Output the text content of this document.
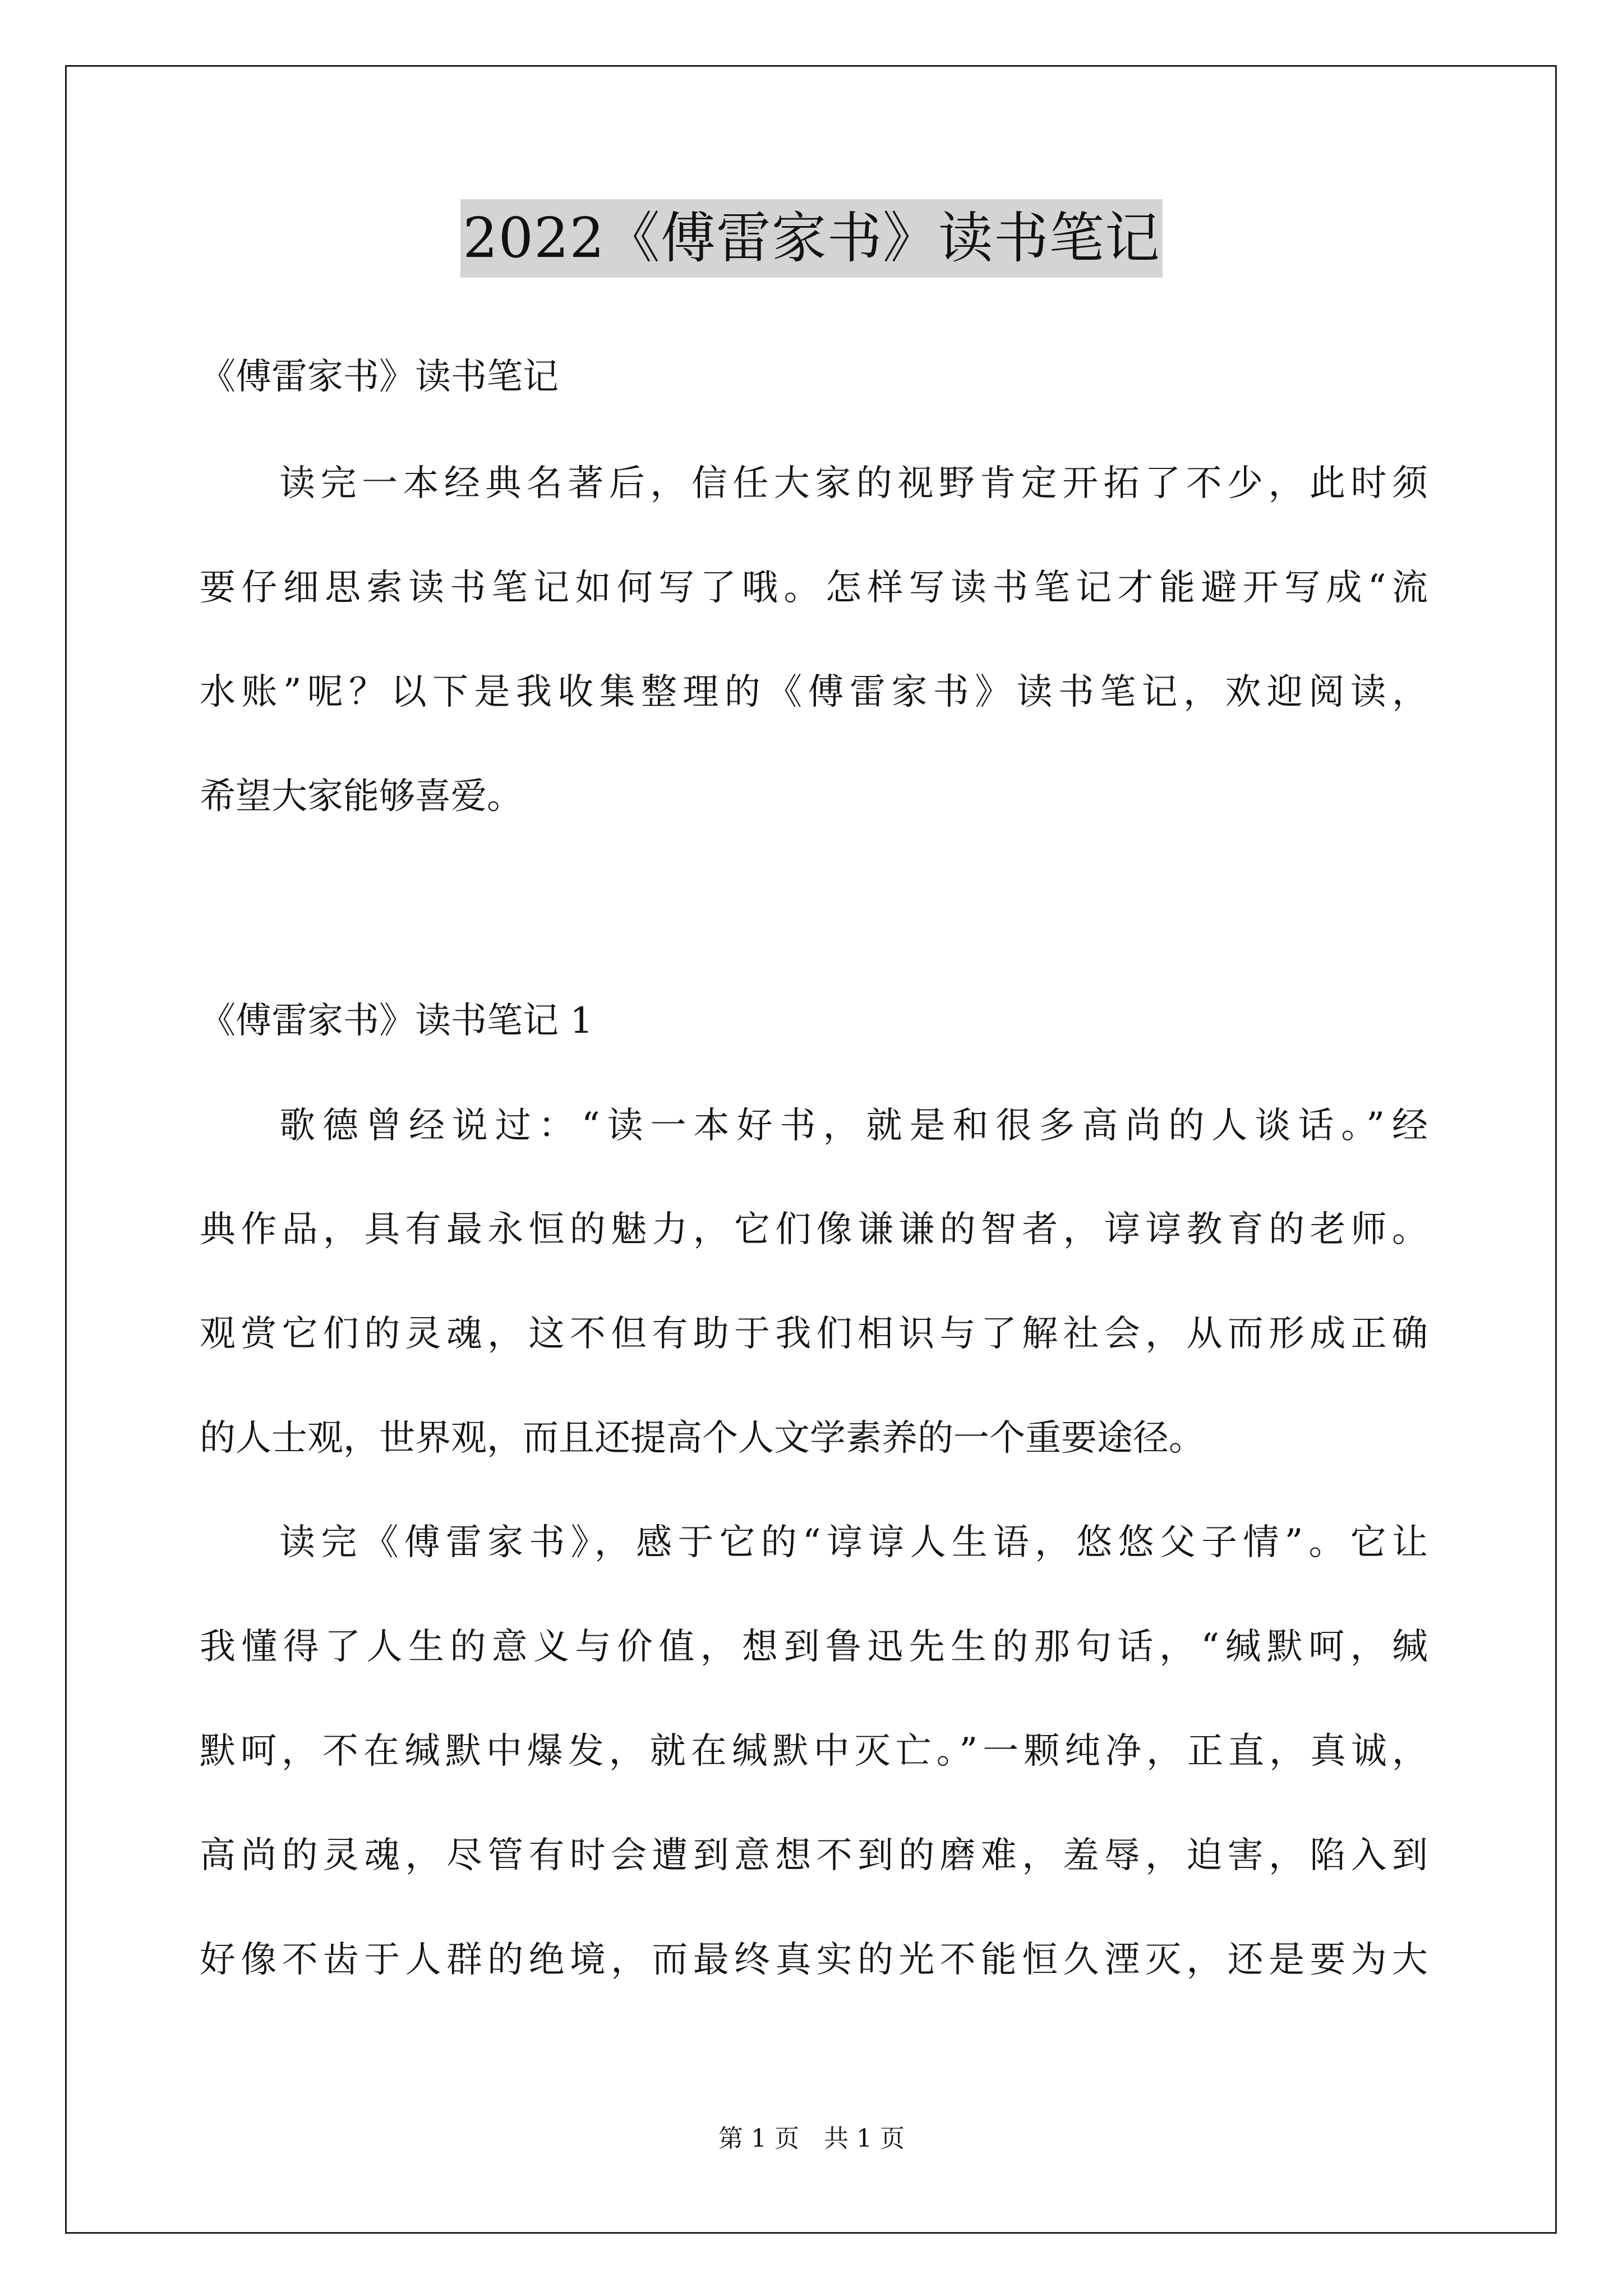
2022《傅雷家书》读书笔记
《傅雷家书》读书笔记
读完一本经典名著后，信任大家的视野肯定开拓了不少，此时须
要仔细思索读书笔记如何写了哦。怎样写读书笔记才能避开写成“流
水账”呢？以下是我收集整理的《傅雷家书》读书笔记，欢迎阅读，
希望大家能够喜爱。
《傅雷家书》读书笔记 1
歌德曾经说过：“读一本好书，就是和很多高尚的人谈话。”经
典作品，具有最永恒的魅力，它们像谦谦的智者，谆谆教育的老师。
观赏它们的灵魂，这不但有助于我们相识与了解社会，从而形成正确
的人士观，世界观，而且还提高个人文学素养的一个重要途径。
读完《傅雷家书》，感于它的“谆谆人生语，悠悠父子情”。它让
我懂得了人生的意义与价值，想到鲁迅先生的那句话，“缄默呵，缄
默呵，不在缄默中爆发，就在缄默中灭亡。”一颗纯净，正直，真诚，
高尚的灵魂，尽管有时会遭到意想不到的磨难，羞辱，迫害，陷入到
好像不齿于人群的绝境，而最终真实的光不能恒久湮灭，还是要为大
第 1 页　共 1 页
